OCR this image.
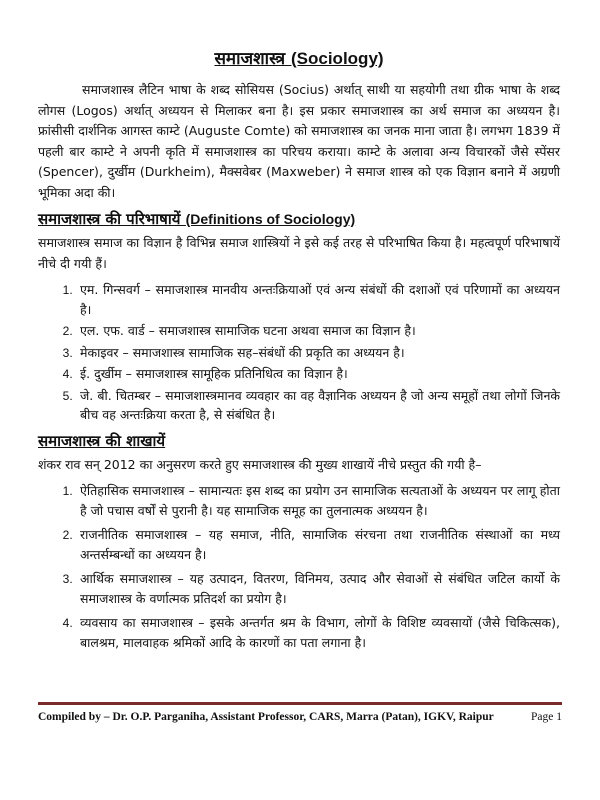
समाजशास्त्र (Sociology)

समाजशास्त्र लैटिन भाषा के शब्द सोसियस (Socius) अर्थात् साथी या सहयोगी तथा ग्रीक भाषा के शब्द लोगस (Logos) अर्थात् अध्ययन से मिलाकर बना है। इस प्रकार समाजशास्त्र का अर्थ समाज का अध्ययन है। फ्रांसीसी दार्शनिक आगस्त काम्टे (Auguste Comte) को समाजशास्त्र का जनक माना जाता है। लगभग 1839 में पहली बार काम्टे ने अपनी कृति में समाजशास्त्र का परिचय कराया। काम्टे के अलावा अन्य विचारकों जैसे स्पेंसर (Spencer), दुर्खीम (Durkheim), मैक्सवेबर (Maxweber) ने समाज शास्त्र को एक विज्ञान बनाने में अग्रणी भूमिका अदा की।

समाजशास्त्र की परिभाषायें (Definitions of Sociology)

समाजशास्त्र समाज का विज्ञान है विभिन्न समाज शास्त्रियों ने इसे कई तरह से परिभाषित किया है। महत्वपूर्ण परिभाषायें नीचे दी गयी हैं।

1. एम. गिन्सवर्ग – समाजशास्त्र मानवीय अन्तःक्रियाओं एवं अन्य संबंधों की दशाओं एवं परिणामों का अध्ययन है।
2. एल. एफ. वार्ड – समाजशास्त्र सामाजिक घटना अथवा समाज का विज्ञान है।
3. मेकाइवर – समाजशास्त्र सामाजिक सह–संबंधों की प्रकृति का अध्ययन है।
4. ई. दुर्खीम – समाजशास्त्र सामूहिक प्रतिनिधित्व का विज्ञान है।
5. जे. बी. चितम्बर – समाजशास्त्रमानव व्यवहार का वह वैज्ञानिक अध्ययन है जो अन्य समूहों तथा लोगों जिनके बीच वह अन्तःक्रिया करता है, से संबंधित है।
समाजशास्त्र की शाखायें

शंकर राव सन् 2012 का अनुसरण करते हुए समाजशास्त्र की मुख्य शाखायें नीचे प्रस्तुत की गयी है–

1. ऐतिहासिक समाजशास्त्र – सामान्यतः इस शब्द का प्रयोग उन सामाजिक सत्यताओं के अध्ययन पर लागू होता है जो पचास वर्षों से पुरानी है। यह सामाजिक समूह का तुलनात्मक अध्ययन है।
2. राजनीतिक समाजशास्त्र – यह समाज, नीति, सामाजिक संरचना तथा राजनीतिक संस्थाओं का मध्य अन्तर्सम्बन्धों का अध्ययन है।
3. आर्थिक समाजशास्त्र – यह उत्पादन, वितरण, विनिमय, उत्पाद और सेवाओं से संबंधित जटिल कार्यो के समाजशास्त्र के वर्णात्मक प्रतिदर्श का प्रयोग है।
4. व्यवसाय का समाजशास्त्र – इसके अन्तर्गत श्रम के विभाग, लोगों के विशिष्ट व्यवसायों (जैसे चिकित्सक), बालश्रम, मालवाहक श्रमिकों आदि के कारणों का पता लगाना है।
Compiled by – Dr. O.P. Parganiha, Assistant Professor, CARS, Marra (Patan), IGKV, Raipur	Page 1
